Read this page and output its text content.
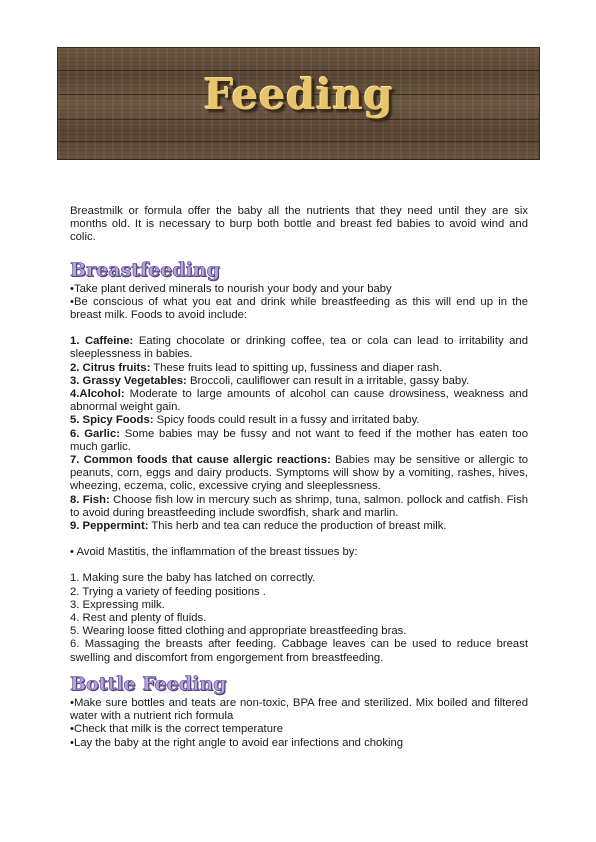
Feeding

Breastmilk or formula offer the baby all the nutrients that they need until they are six months old. It is necessary to burp both bottle and breast fed babies to avoid wind and colic.

Breastfeeding

•Take plant derived minerals to nourish your body and your baby

•Be conscious of what you eat and drink while breastfeeding as this will end up in the breast milk. Foods to avoid include:

1. Caffeine: Eating chocolate or drinking coffee, tea or cola can lead to irritability and sleeplessness in babies.

2. Citrus fruits: These fruits lead to spitting up, fussiness and diaper rash.

3. Grassy Vegetables: Broccoli, cauliflower can result in a irritable, gassy baby.

4.Alcohol: Moderate to large amounts of alcohol can cause drowsiness, weakness and abnormal weight gain.

5. Spicy Foods: Spicy foods could result in a fussy and irritated baby.

6. Garlic: Some babies may be fussy and not want to feed if the mother has eaten too much garlic.

7. Common foods that cause allergic reactions: Babies may be sensitive or allergic to peanuts, corn, eggs and dairy products. Symptoms will show by a vomiting, rashes, hives, wheezing, eczema, colic, excessive crying and sleeplessness.

8. Fish: Choose fish low in mercury such as shrimp, tuna, salmon. pollock and catfish. Fish to avoid during breastfeeding include swordfish, shark and marlin.

9. Peppermint: This herb and tea can reduce the production of breast milk.

• Avoid Mastitis, the inflammation of the breast tissues by:

1. Making sure the baby has latched on correctly.

2. Trying a variety of feeding positions .

3. Expressing milk.

4. Rest and plenty of fluids.

5. Wearing loose fitted clothing and appropriate breastfeeding bras.

6. Massaging the breasts after feeding. Cabbage leaves can be used to reduce breast swelling and discomfort from engorgement from breastfeeding.

Bottle Feeding

•Make sure bottles and teats are non-toxic, BPA free and sterilized. Mix boiled and filtered water with a nutrient rich formula

•Check that milk is the correct temperature

•Lay the baby at the right angle to avoid ear infections and choking
